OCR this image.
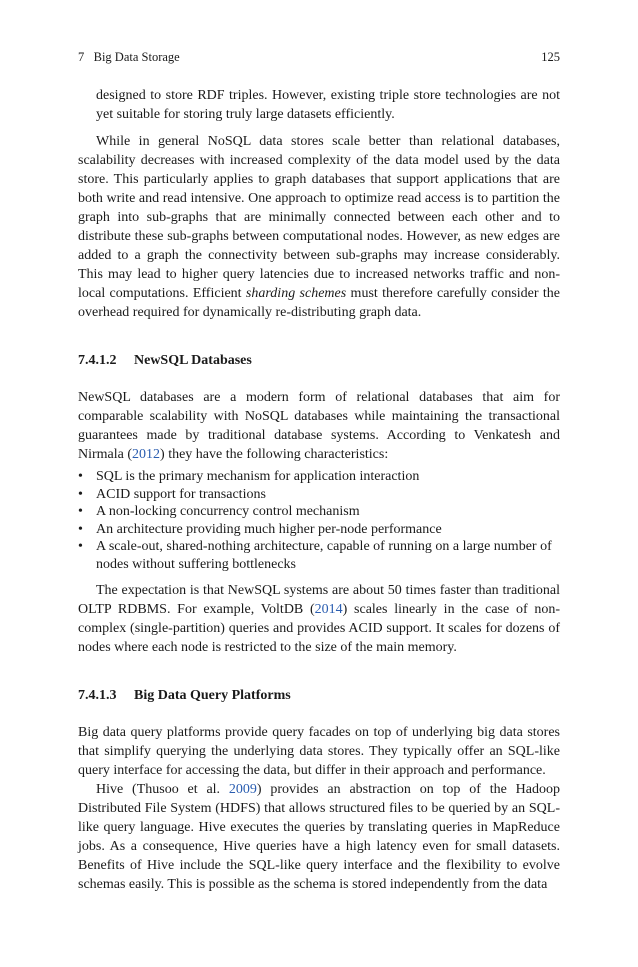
7   Big Data Storage	125

designed to store RDF triples. However, existing triple store technologies are not yet suitable for storing truly large datasets efficiently.

While in general NoSQL data stores scale better than relational databases, scalability decreases with increased complexity of the data model used by the data store. This particularly applies to graph databases that support applications that are both write and read intensive. One approach to optimize read access is to partition the graph into sub-graphs that are minimally connected between each other and to distribute these sub-graphs between computational nodes. However, as new edges are added to a graph the connectivity between sub-graphs may increase considerably. This may lead to higher query latencies due to increased networks traffic and non-local computations. Efficient sharding schemes must therefore carefully consider the overhead required for dynamically re-distributing graph data.

7.4.1.2 NewSQL Databases

NewSQL databases are a modern form of relational databases that aim for comparable scalability with NoSQL databases while maintaining the transactional guarantees made by traditional database systems. According to Venkatesh and Nirmala (2012) they have the following characteristics:

• SQL is the primary mechanism for application interaction
• ACID support for transactions
• A non-locking concurrency control mechanism
• An architecture providing much higher per-node performance
• A scale-out, shared-nothing architecture, capable of running on a large number of nodes without suffering bottlenecks

The expectation is that NewSQL systems are about 50 times faster than traditional OLTP RDBMS. For example, VoltDB (2014) scales linearly in the case of non-complex (single-partition) queries and provides ACID support. It scales for dozens of nodes where each node is restricted to the size of the main memory.

7.4.1.3 Big Data Query Platforms

Big data query platforms provide query facades on top of underlying big data stores that simplify querying the underlying data stores. They typically offer an SQL-like query interface for accessing the data, but differ in their approach and performance.

Hive (Thusoo et al. 2009) provides an abstraction on top of the Hadoop Distributed File System (HDFS) that allows structured files to be queried by an SQL-like query language. Hive executes the queries by translating queries in MapReduce jobs. As a consequence, Hive queries have a high latency even for small datasets. Benefits of Hive include the SQL-like query interface and the flexibility to evolve schemas easily. This is possible as the schema is stored independently from the data
